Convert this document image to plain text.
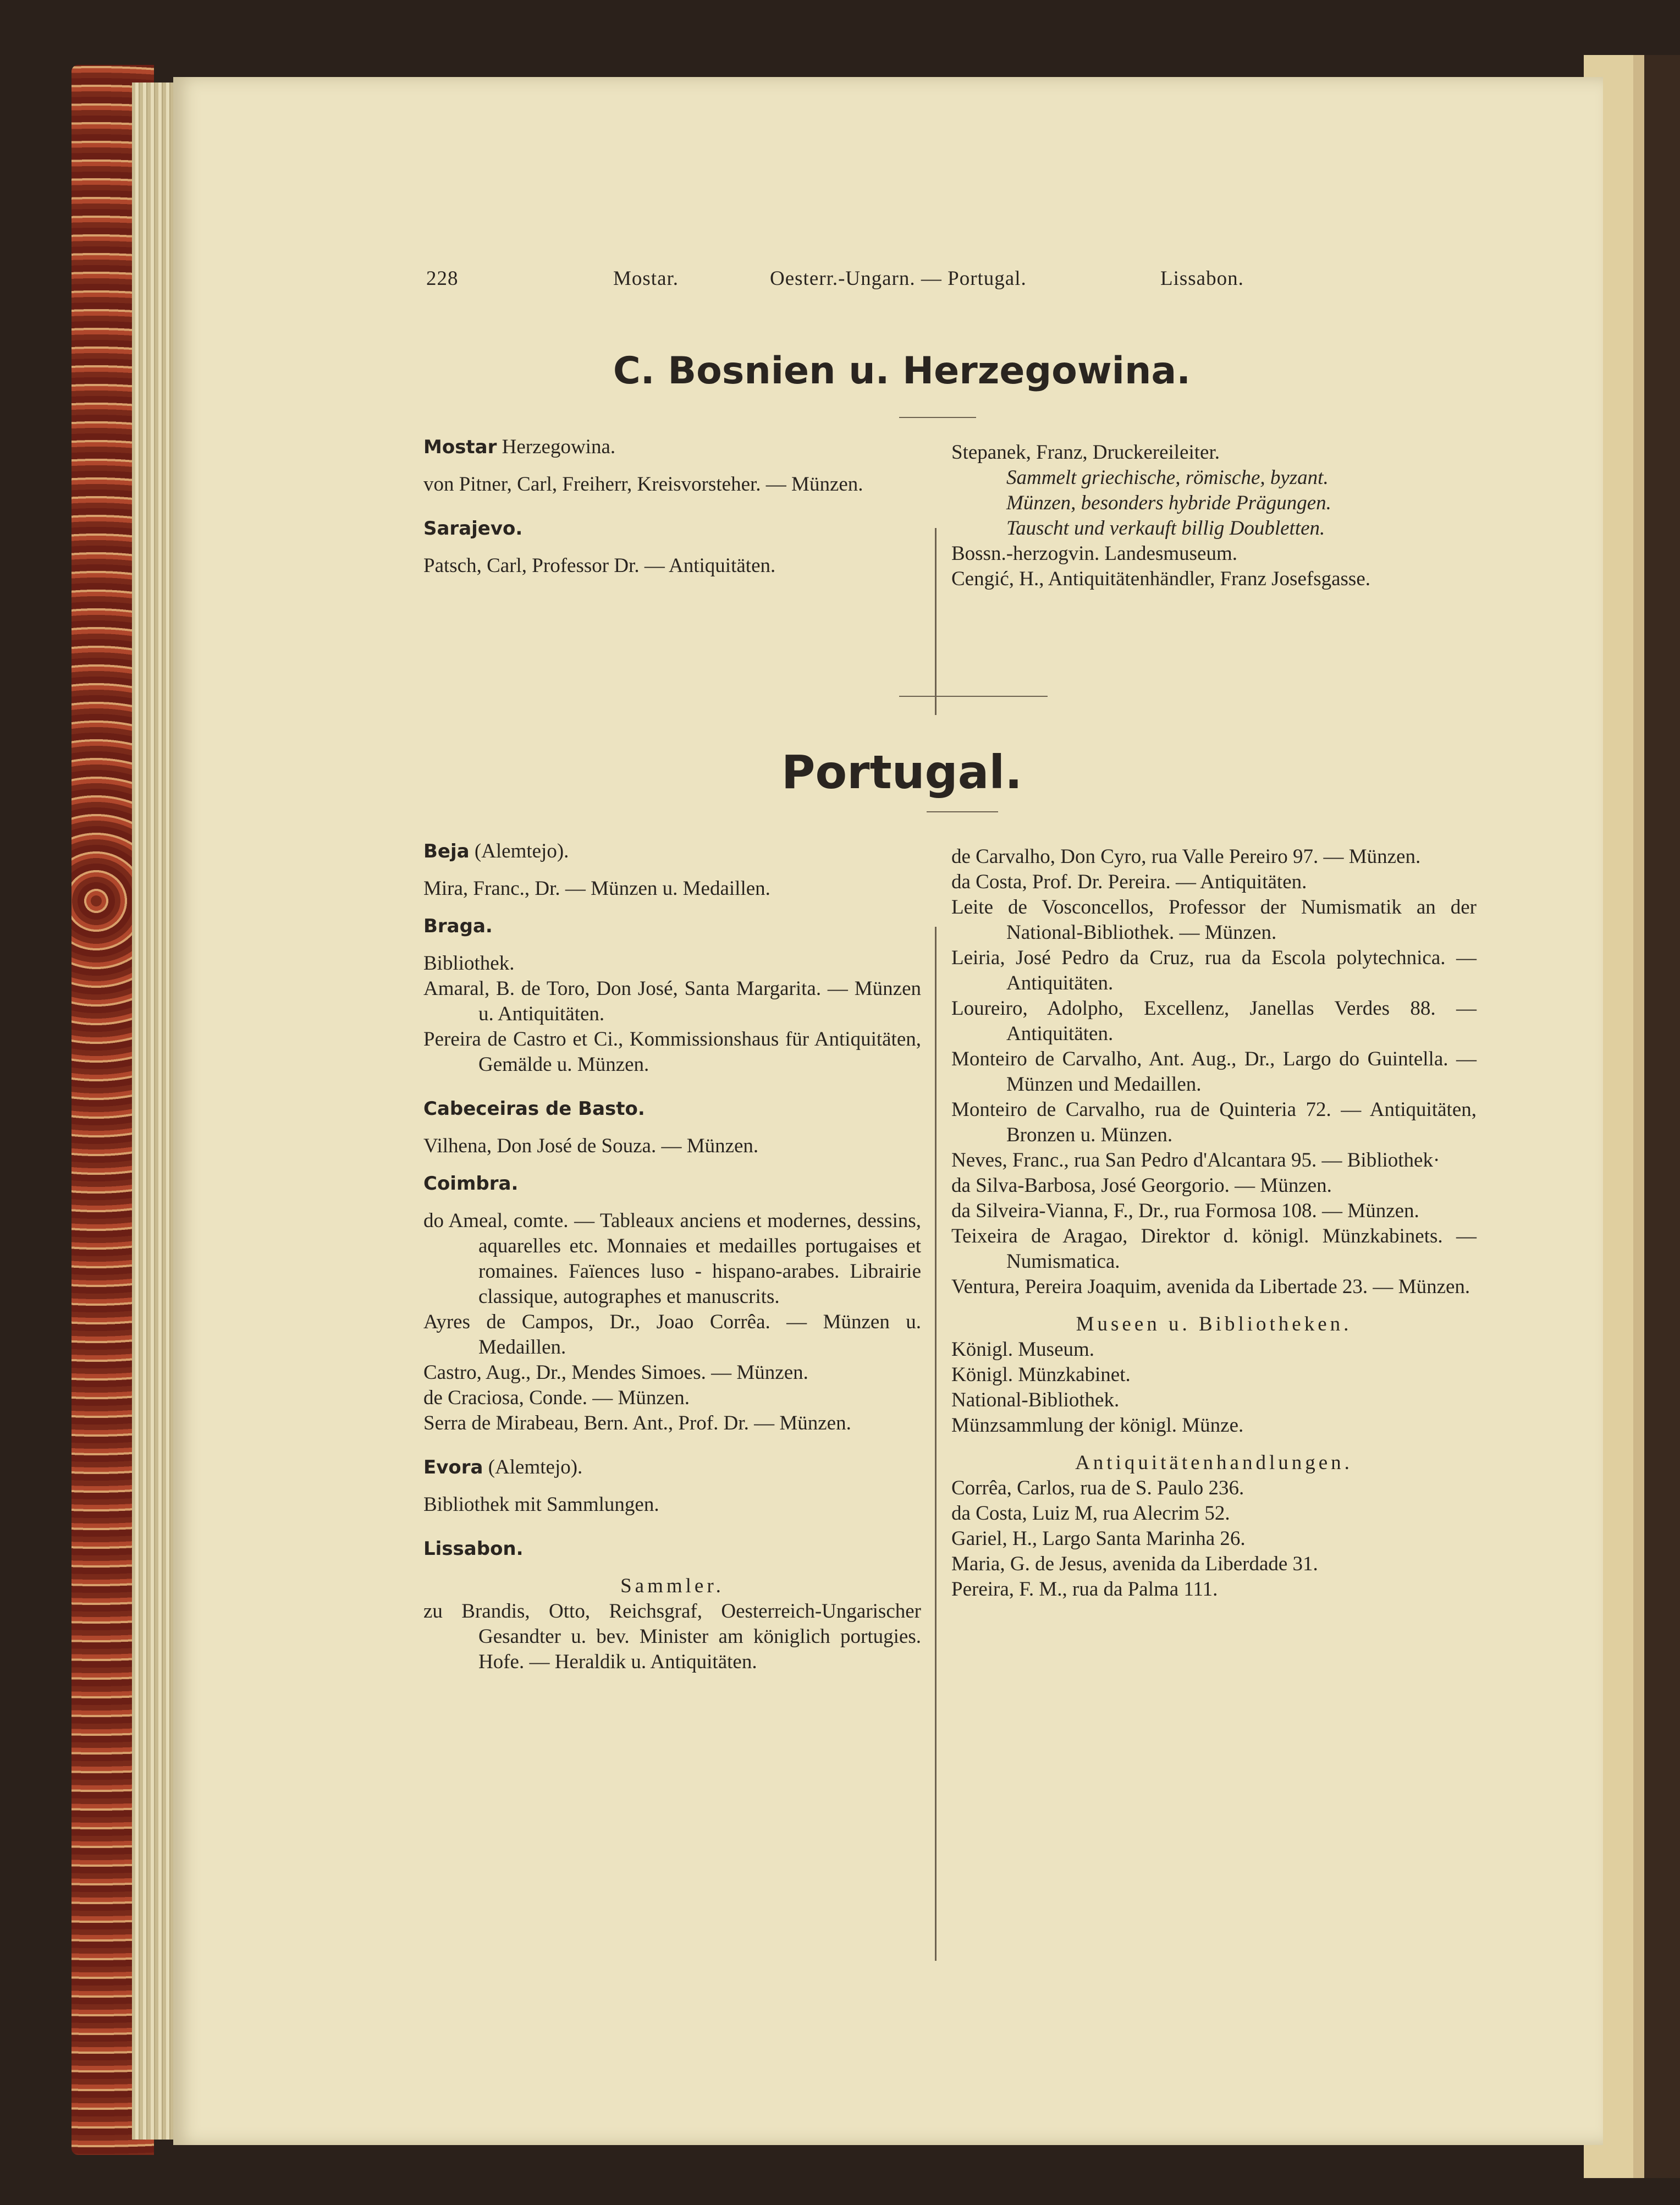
228	Mostar.	Oesterr.-Ungarn. — Portugal.	Lissabon.
C. Bosnien u. Herzegowina.

Mostar Herzegowina.

von Pitner, Carl, Freiherr, Kreisvorsteher. — Münzen.

Sarajevo.

Patsch, Carl, Professor Dr. — Antiquitäten.

Stepanek, Franz, Druckereileiter.

Sammelt griechische, römische, byzant.

Münzen, besonders hybride Prägungen.

Tauscht und verkauft billig Doubletten.

Bossn.-herzogvin. Landesmuseum.

Cengić, H., Antiquitätenhändler, Franz Josefsgasse.

Portugal.

Beja (Alemtejo).

Mira, Franc., Dr. — Münzen u. Medaillen.

Braga.

Bibliothek.

Amaral, B. de Toro, Don José, Santa Margarita. — Münzen u. Antiquitäten.

Pereira de Castro et Ci., Kommissionshaus für Antiquitäten, Gemälde u. Münzen.

Cabeceiras de Basto.

Vilhena, Don José de Souza. — Münzen.

Coimbra.

do Ameal, comte. — Tableaux anciens et modernes, dessins, aquarelles etc. Monnaies et medailles portugaises et romaines. Faïences luso - hispano-arabes. Librairie classique, autographes et manuscrits.

Ayres de Campos, Dr., Joao Corrêa. — Münzen u. Medaillen.

Castro, Aug., Dr., Mendes Simoes. — Münzen.

de Craciosa, Conde. — Münzen.

Serra de Mirabeau, Bern. Ant., Prof. Dr. — Münzen.

Evora (Alemtejo).

Bibliothek mit Sammlungen.

Lissabon.

Sammler.

zu Brandis, Otto, Reichsgraf, Oesterreich-Ungarischer Gesandter u. bev. Minister am königlich portugies. Hofe. — Heraldik u. Antiquitäten.

de Carvalho, Don Cyro, rua Valle Pereiro 97. — Münzen.

da Costa, Prof. Dr. Pereira. — Antiquitäten.

Leite de Vosconcellos, Professor der Numismatik an der National-Bibliothek. — Münzen.

Leiria, José Pedro da Cruz, rua da Escola polytechnica. — Antiquitäten.

Loureiro, Adolpho, Excellenz, Janellas Verdes 88. — Antiquitäten.

Monteiro de Carvalho, Ant. Aug., Dr., Largo do Guintella. — Münzen und Medaillen.

Monteiro de Carvalho, rua de Quinteria 72. — Antiquitäten, Bronzen u. Münzen.

Neves, Franc., rua San Pedro d'Alcantara 95. — Bibliothek·

da Silva-Barbosa, José Georgorio. — Münzen.

da Silveira-Vianna, F., Dr., rua Formosa 108. — Münzen.

Teixeira de Aragao, Direktor d. königl. Münzkabinets. — Numismatica.

Ventura, Pereira Joaquim, avenida da Libertade 23. — Münzen.

Museen u. Bibliotheken.

Königl. Museum.

Königl. Münzkabinet.

National-Bibliothek.

Münzsammlung der königl. Münze.

Antiquitätenhandlungen.

Corrêa, Carlos, rua de S. Paulo 236.

da Costa, Luiz M, rua Alecrim 52.

Gariel, H., Largo Santa Marinha 26.

Maria, G. de Jesus, avenida da Liberdade 31.

Pereira, F. M., rua da Palma 111.
